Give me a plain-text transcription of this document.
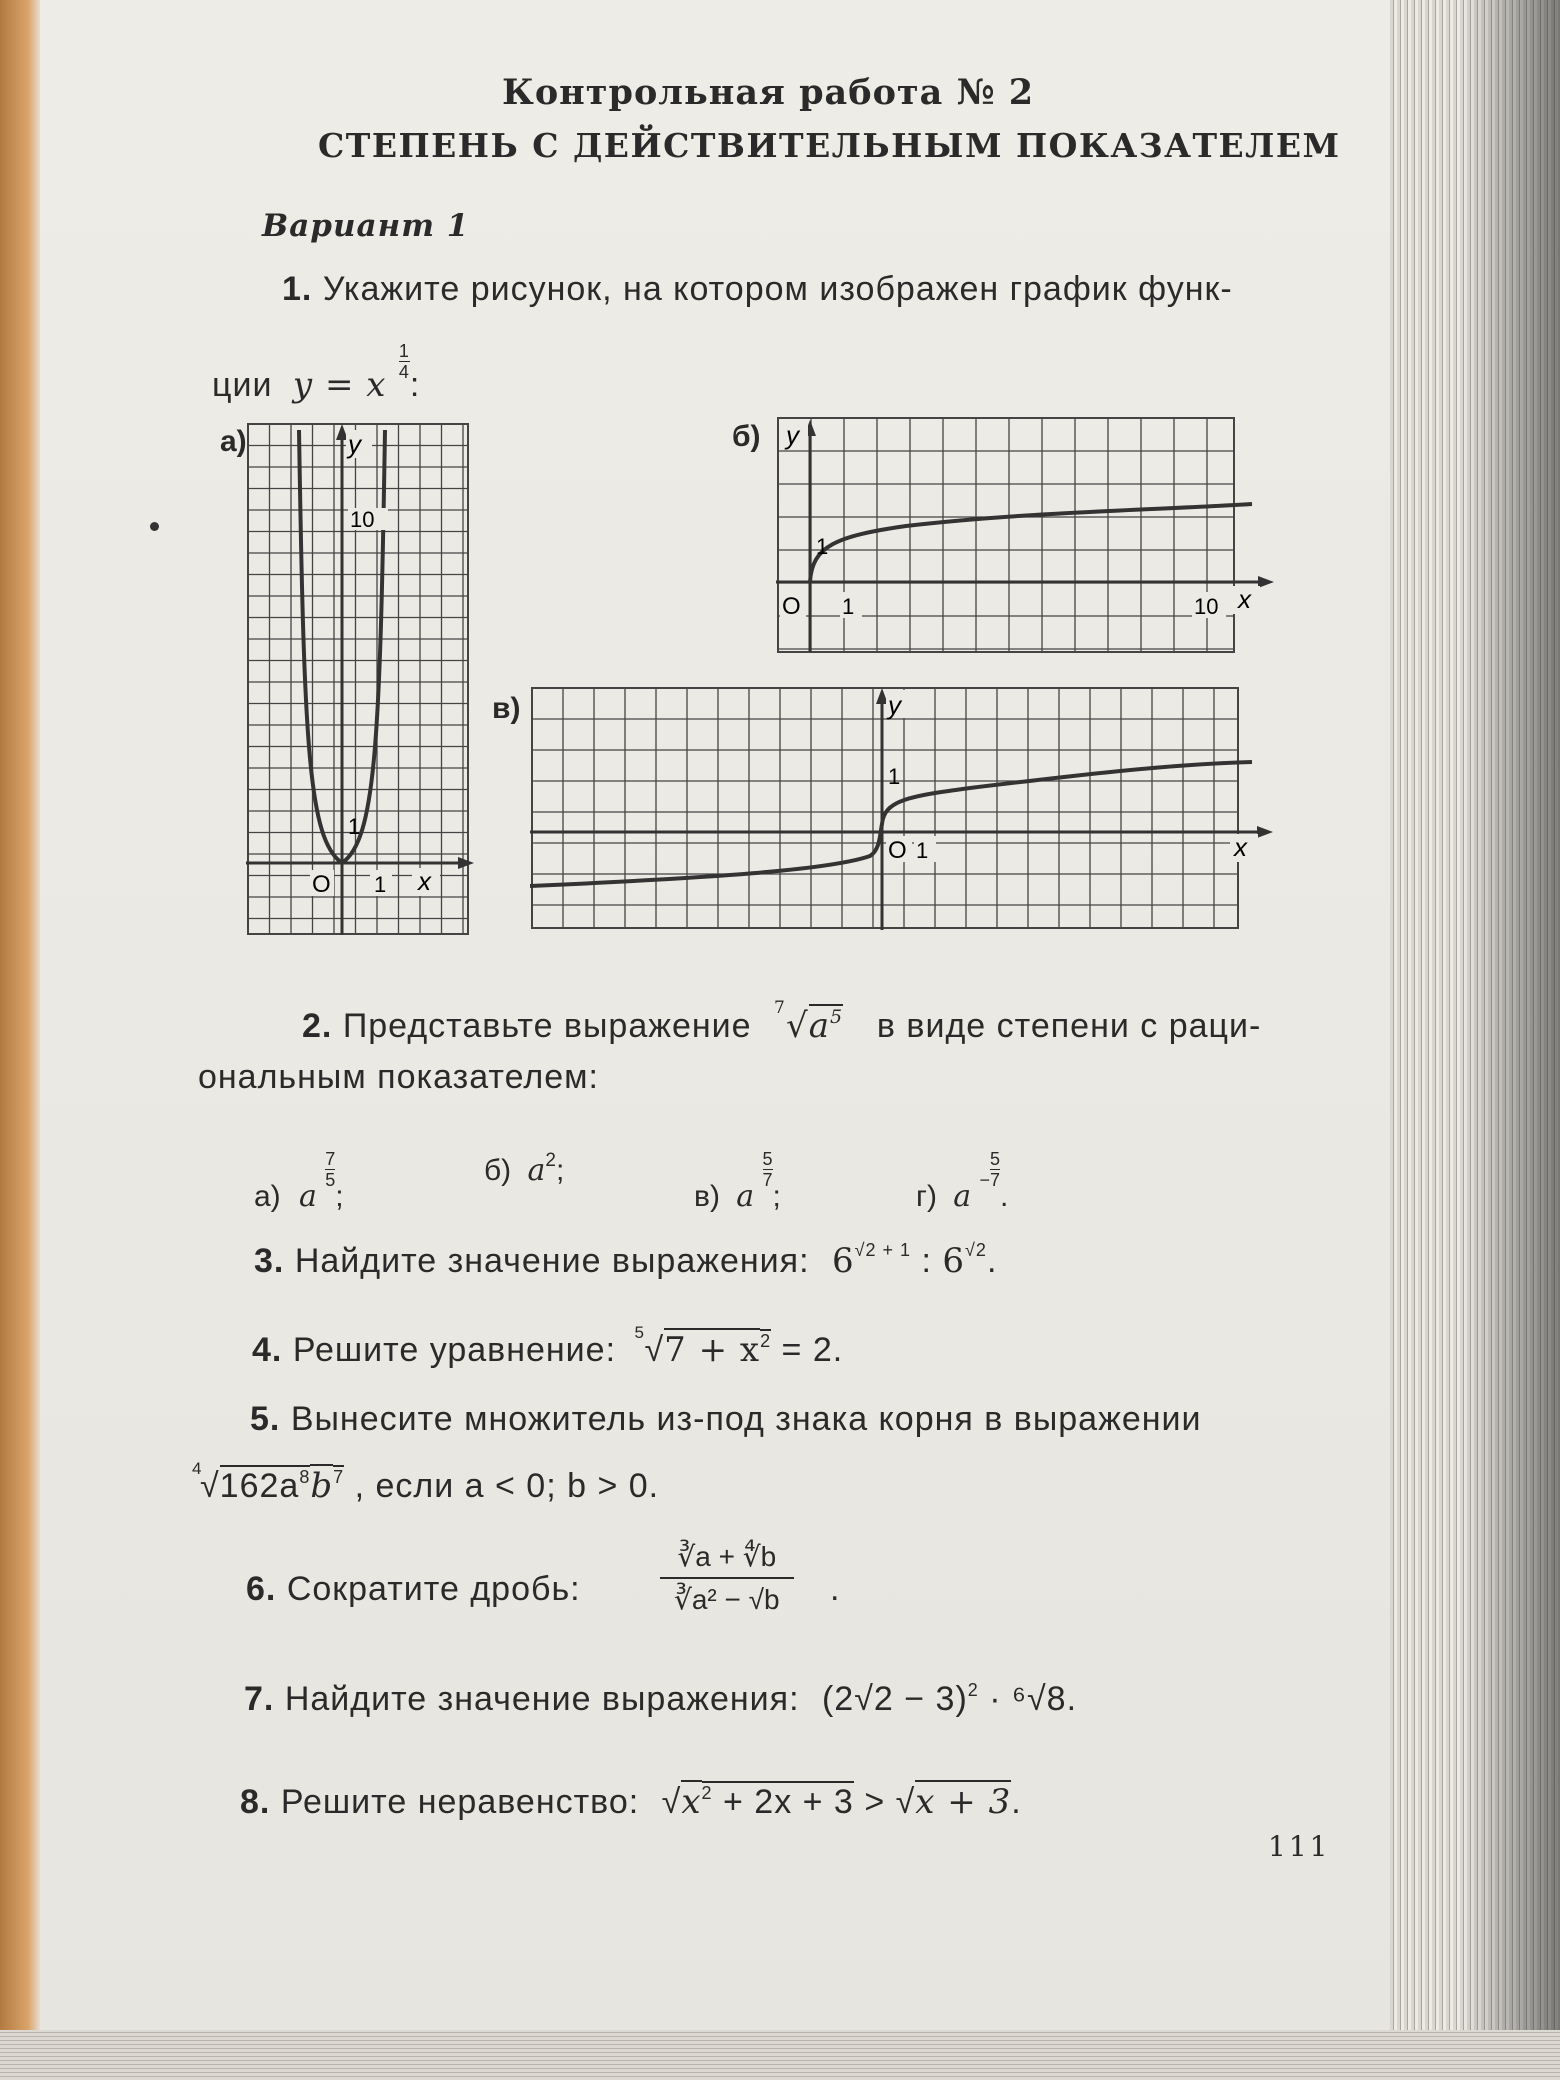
Контрольная работа № 2
СТЕПЕНЬ С ДЕЙСТВИТЕЛЬНЫМ ПОКАЗАТЕЛЕМ
Вариант 1
1. Укажите рисунок, на котором изображен график функ-
ции y = x
$\frac{1}{4}$
:
а)	y
x
10
1
O 1
б) y
x
1
O 1	10
в)	y
x
1
O 1
2. Представьте выражение 7 $√a^5$ в виде степени с раци-
ональным показателем:
а) a
$\frac{7}{5}$
;
б) $a^2$;
в) a
$\frac{5}{7}$
;	г) a $^- \frac{5}{7}$
.
3. Найдите значение выражения: $6^{√2 + 1}$ : $6^{√2}$.
4. Решите уравнение: 5 $√7 + x^2 = 2$.
5. Вынесите множитель из-под знака корня в выражении
4
$√162a^8b^7$ , если a < 0; b > 0.
6. Сократите дробь:
∛a + ∜b
∛a² − √b	.
7. Найдите значение выражения: $(2√2 - 3)^2 \cdot ^6√8$.
8. Решите неравенство: $√x^2 + 2x + 3 > √x + 3$.
111
